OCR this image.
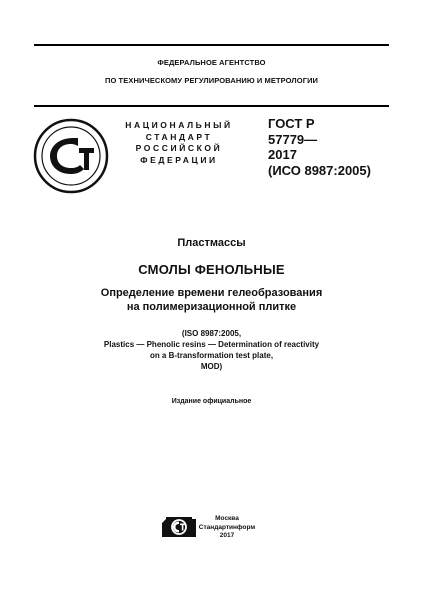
ФЕДЕРАЛЬНОЕ АГЕНТСТВО
ПО ТЕХНИЧЕСКОМУ РЕГУЛИРОВАНИЮ И МЕТРОЛОГИИ
НАЦИОНАЛЬНЫЙ
СТАНДАРТ
РОССИЙСКОЙ
ФЕДЕРАЦИИ
ГОСТ Р
57779—
2017
(ИСО 8987:2005)
Пластмассы
СМОЛЫ ФЕНОЛЬНЫЕ
Определение времени гелеобразования
на полимеризационной плитке
(ISO 8987:2005,
Plastics — Phenolic resins — Determination of reactivity
on a B-transformation test plate,
MOD)
Издание официальное
Москва
Стандартинформ
2017
